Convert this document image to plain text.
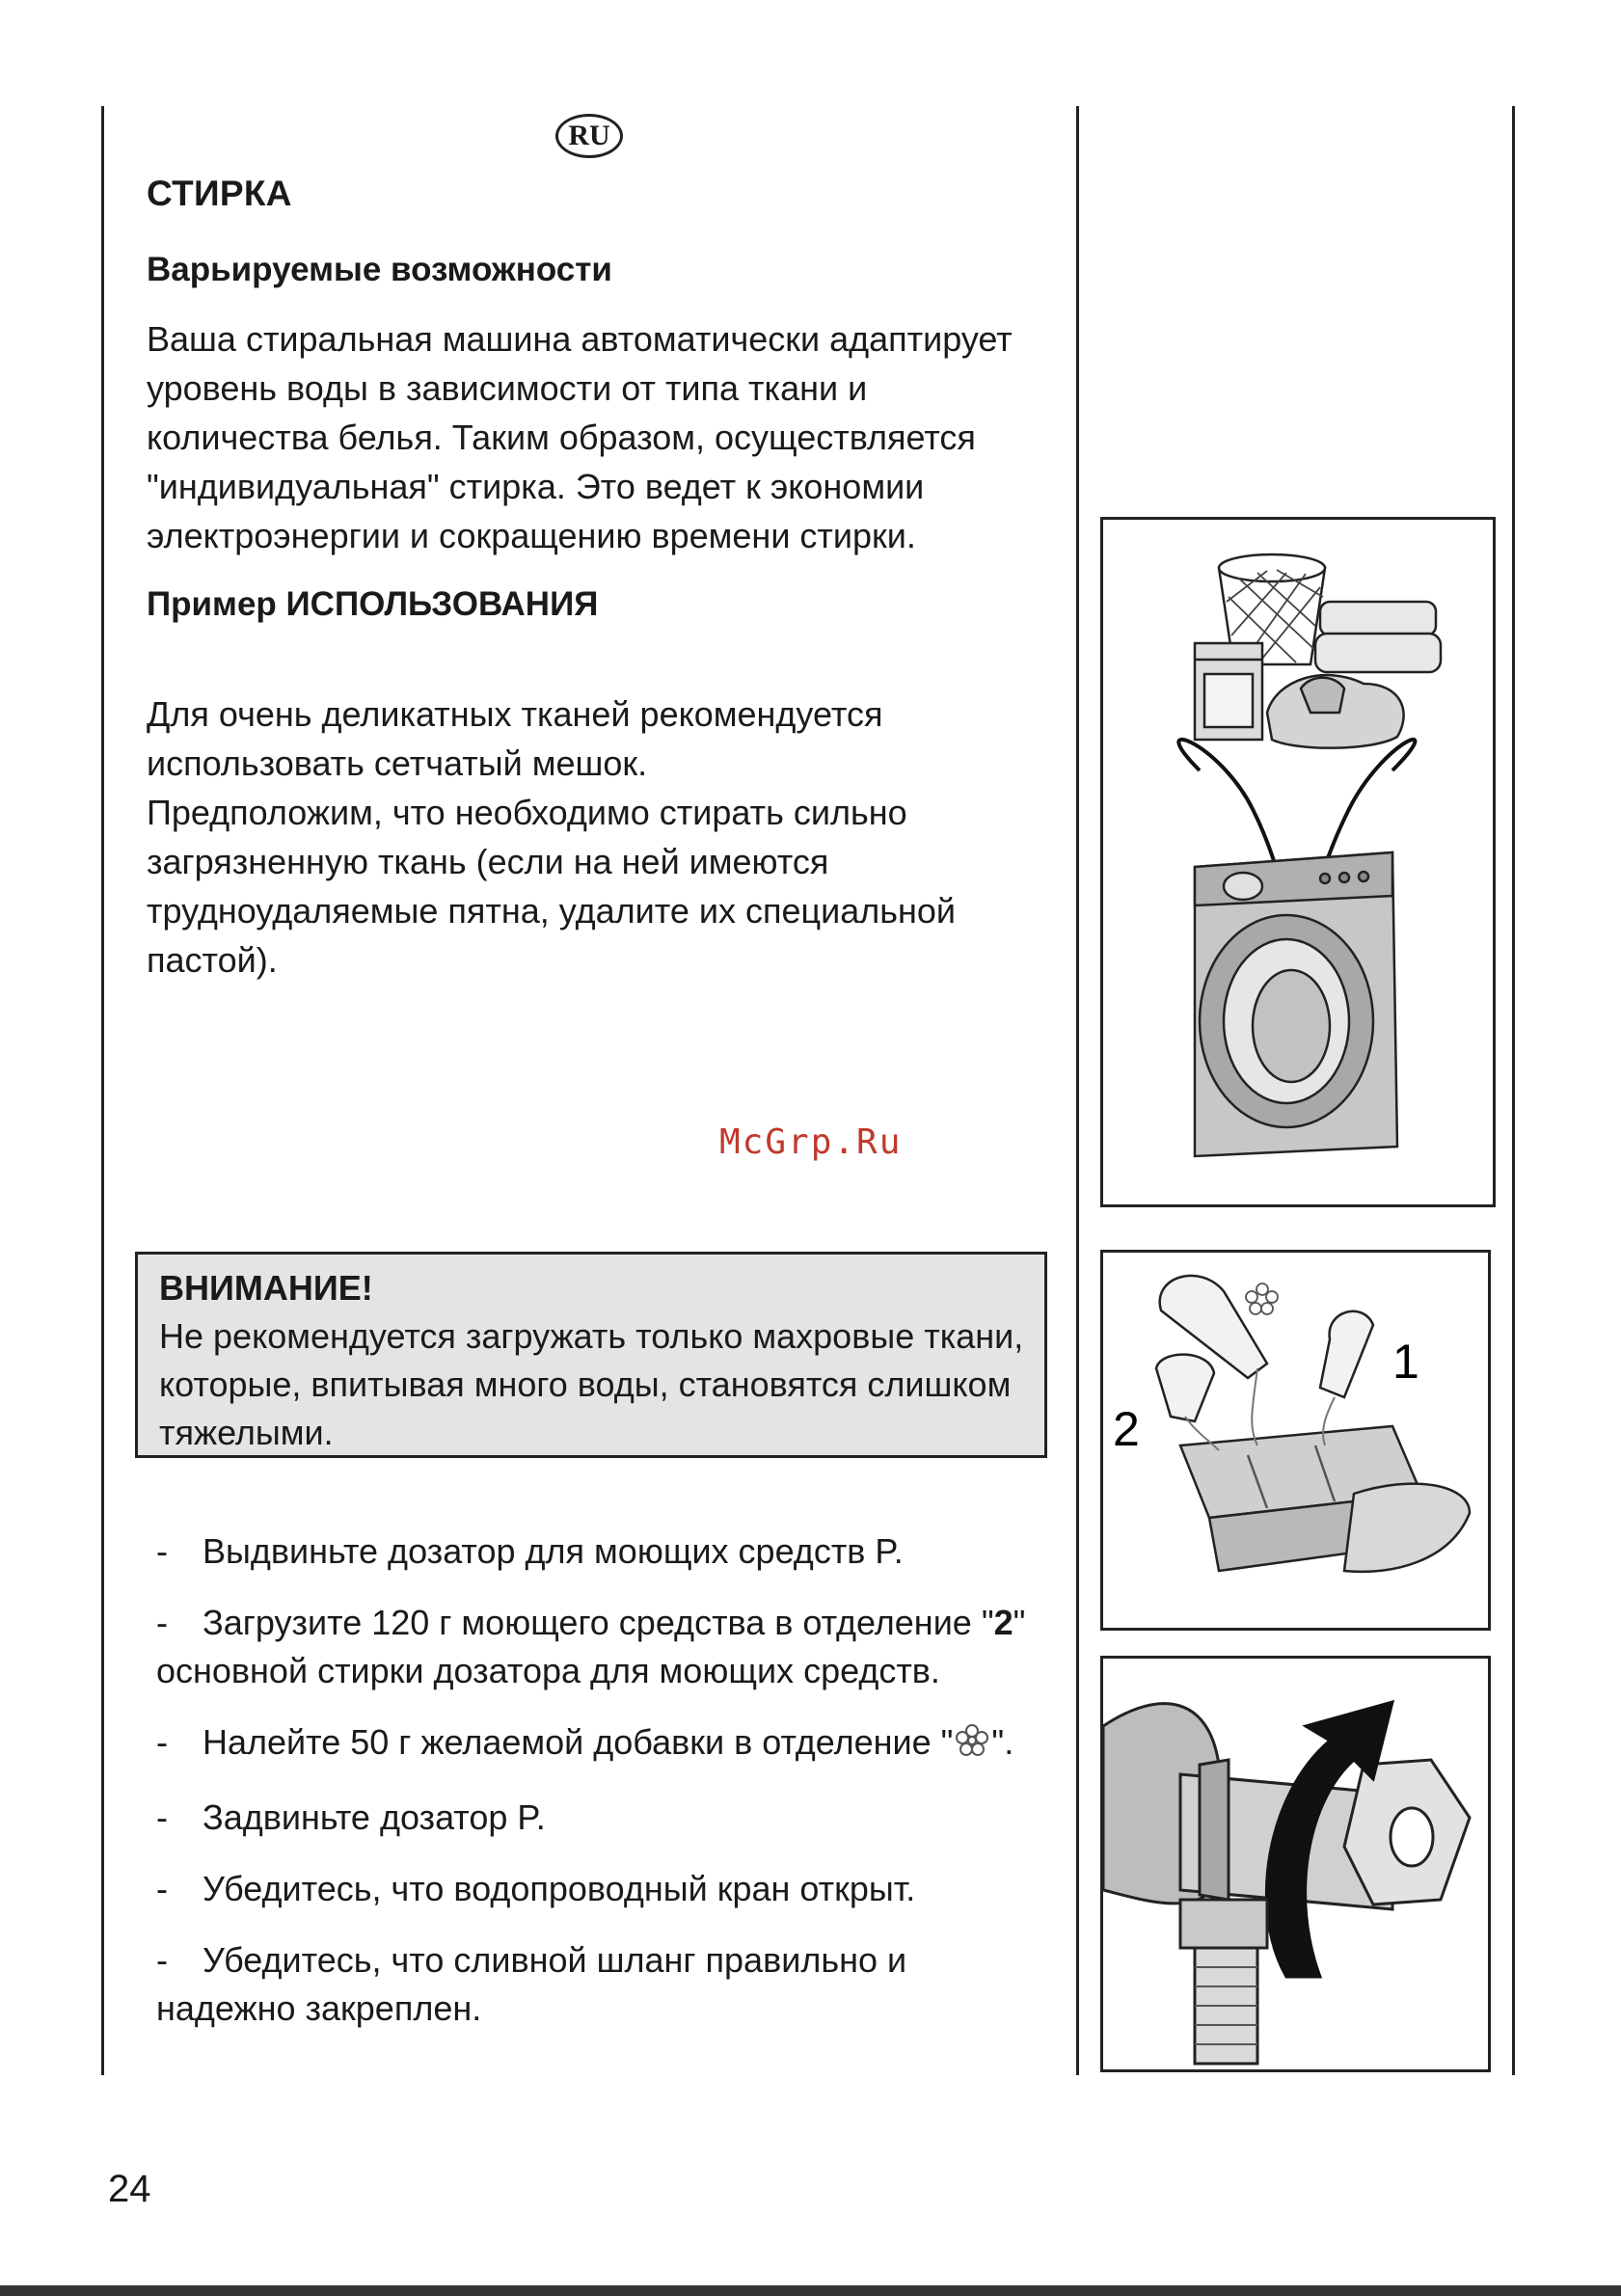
RU
СТИРКА
Варьируемые возможности
Ваша стиральная машина автоматически адаптирует уровень воды в зависимости от типа ткани и количества белья. Таким образом, осуществляется "индивидуальная" стирка. Это ведет к экономии электроэнергии и сокращению времени стирки.
Пример ИСПОЛЬЗОВАНИЯ
Для очень деликатных тканей рекомендуется использовать сетчатый мешок.
Предположим, что необходимо стирать сильно загрязненную ткань (если на ней имеются трудноудаляемые пятна, удалите их специальной пастой).
McGrp.Ru
ВНИМАНИЕ!
Не рекомендуется загружать только махровые ткани, которые, впитывая много воды, становятся слишком тяжелыми.
- Выдвиньте дозатор для моющих средств P.
- Загрузите 120 г моющего средства в отделение "2" основной стирки дозатора для моющих средств.
- Налейте 50 г желаемой добавки в отделение " ".
- Задвиньте дозатор P.
- Убедитесь, что водопроводный кран открыт.
- Убедитесь, что сливной шланг правильно и надежно закреплен.
24
1
2
